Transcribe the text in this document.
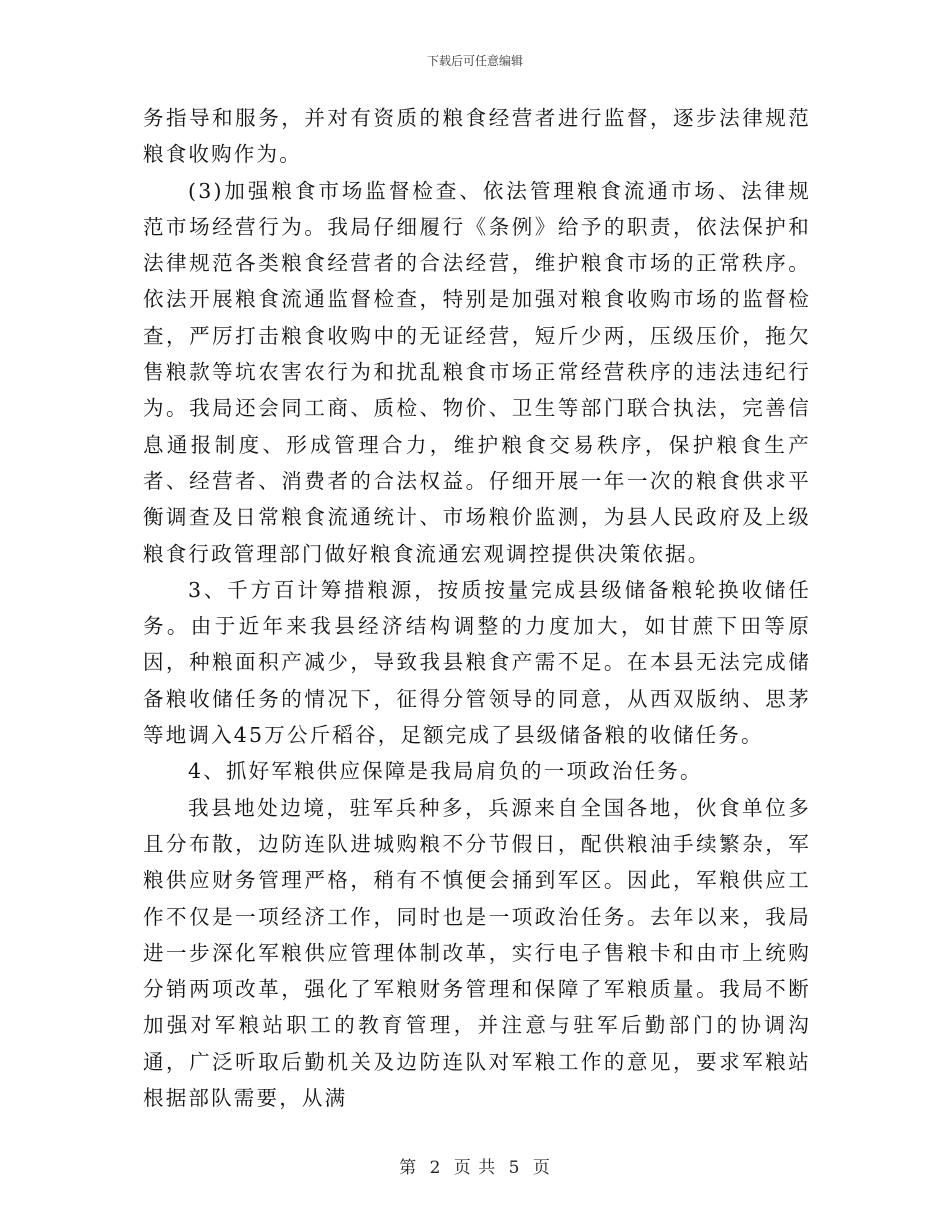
下载后可任意编辑

务指导和服务，并对有资质的粮食经营者进行监督，逐步法律规范粮食收购作为。

(3)加强粮食市场监督检查、依法管理粮食流通市场、法律规范市场经营行为。我局仔细履行《条例》给予的职责，依法保护和法律规范各类粮食经营者的合法经营，维护粮食市场的正常秩序。依法开展粮食流通监督检查，特别是加强对粮食收购市场的监督检查，严厉打击粮食收购中的无证经营，短斤少两，压级压价，拖欠售粮款等坑农害农行为和扰乱粮食市场正常经营秩序的违法违纪行为。我局还会同工商、质检、物价、卫生等部门联合执法，完善信息通报制度、形成管理合力，维护粮食交易秩序，保护粮食生产者、经营者、消费者的合法权益。仔细开展一年一次的粮食供求平衡调查及日常粮食流通统计、市场粮价监测，为县人民政府及上级粮食行政管理部门做好粮食流通宏观调控提供决策依据。

3、千方百计筹措粮源，按质按量完成县级储备粮轮换收储任务。由于近年来我县经济结构调整的力度加大，如甘蔗下田等原因，种粮面积产减少，导致我县粮食产需不足。在本县无法完成储备粮收储任务的情况下，征得分管领导的同意，从西双版纳、思茅等地调入45万公斤稻谷，足额完成了县级储备粮的收储任务。

4、抓好军粮供应保障是我局肩负的一项政治任务。

我县地处边境，驻军兵种多，兵源来自全国各地，伙食单位多且分布散，边防连队进城购粮不分节假日，配供粮油手续繁杂，军粮供应财务管理严格，稍有不慎便会捅到军区。因此，军粮供应工作不仅是一项经济工作，同时也是一项政治任务。去年以来，我局进一步深化军粮供应管理体制改革，实行电子售粮卡和由市上统购分销两项改革，强化了军粮财务管理和保障了军粮质量。我局不断加强对军粮站职工的教育管理，并注意与驻军后勤部门的协调沟通，广泛听取后勤机关及边防连队对军粮工作的意见，要求军粮站根据部队需要，从满

第 2 页 共 5 页
